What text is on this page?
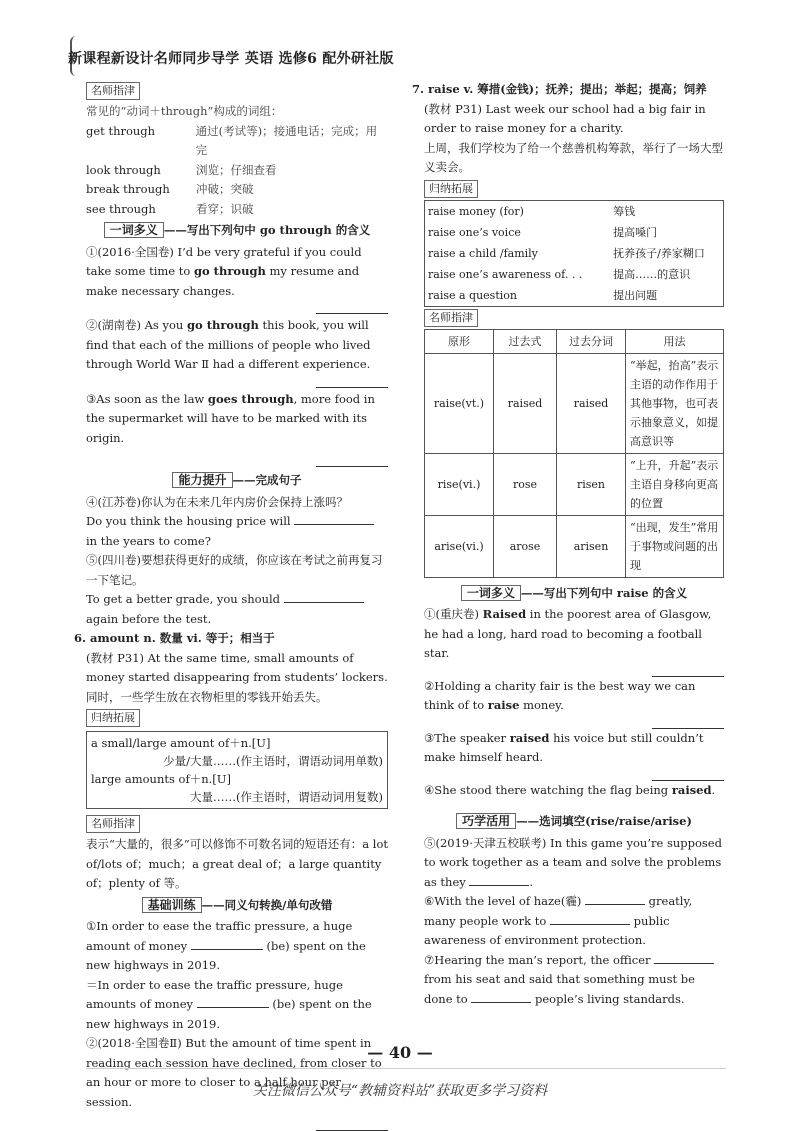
新课程新设计名师同步导学 英语 选修6 配外研社版
名师指津

常见的“动词＋through”构成的词组：

get through	通过(考试等)；接通电话；完成；用完
look through	浏览；仔细查看
break through	冲破；突破
see through	看穿；识破

一词多义 ——写出下列句中 go through 的含义

①(2016·全国卷) I’d be very grateful if you could take some time to go through my resume and make necessary changes.

②(湖南卷) As you go through this book, you will find that each of the millions of people who lived through World War Ⅱ had a different experience.

③As soon as the law goes through, more food in the supermarket will have to be marked with its origin.

能力提升 ——完成句子

④(江苏卷)你认为在未来几年内房价会保持上涨吗？

Do you think the housing price will  in the years to come?

⑤(四川卷)要想获得更好的成绩，你应该在考试之前再复习一下笔记。

To get a better grade, you should  again before the test.

6. amount n. 数量 vi. 等于；相当于

(教材 P31) At the same time, small amounts of money started disappearing from students’ lockers.

同时，一些学生放在衣物柜里的零钱开始丢失。

归纳拓展

a small/large amount of＋n.[U]

少量/大量……(作主语时，谓语动词用单数)

large amounts of＋n.[U]

大量……(作主语时，谓语动词用复数)

名师指津

表示“大量的，很多”可以修饰不可数名词的短语还有：a lot of/lots of；much；a great deal of；a large quantity of；plenty of 等。

基础训练 ——同义句转换/单句改错

①In order to ease the traffic pressure, a huge amount of money	(be) spent on the new highways in 2019.

＝In order to ease the traffic pressure, huge amounts of money	(be) spent on the new highways in 2019.

②(2018·全国卷Ⅱ) But the amount of time spent in reading each session have declined, from closer to an hour or more to closer to a half hour per session.

7. raise v. 筹措(金钱)；抚养；提出；举起；提高；饲养

(教材 P31) Last week our school had a big fair in order to raise money for a charity.

上周，我们学校为了给一个慈善机构筹款，举行了一场大型义卖会。

归纳拓展
raise money (for)	筹钱
raise one’s voice	提高嗓门
raise a child /family	抚养孩子/养家糊口
raise one’s awareness of. . .	提高……的意识
raise a question	提出问题
名师指津
原形	过去式	过去分词	用法
raise(vt.)	raised	raised	“举起，抬高”表示主语的动作作用于其他事物，也可表示抽象意义，如提高意识等
rise(vi.)	rose	risen	“上升，升起”表示主语自身移向更高的位置
arise(vi.)	arose	arisen	“出现，发生”常用于事物或问题的出现

一词多义 ——写出下列句中 raise 的含义

①(重庆卷) Raised in the poorest area of Glasgow, he had a long, hard road to becoming a football star.

②Holding a charity fair is the best way we can think of to raise money.

③The speaker raised his voice but still couldn’t make himself heard.

④She stood there watching the flag being raised.

巧学活用 ——选词填空(rise/raise/arise)

⑤(2019·天津五校联考) In this game you’re supposed to work together as a team and solve the problems as they	.

⑥With the level of haze(霾)	greatly, many people work to	public awareness of environment protection.

⑦Hearing the man’s report, the officer  from his seat and said that something must be done to	people’s living standards.

— 40 —
关注微信公众号“教辅资料站”获取更多学习资料
